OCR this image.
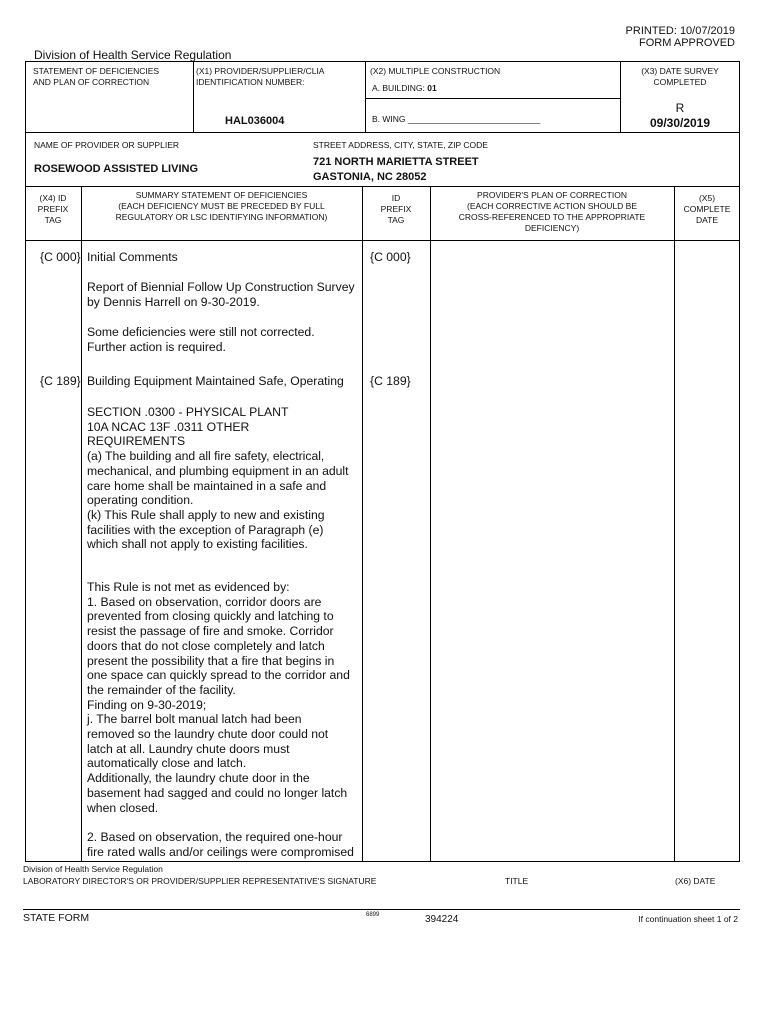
PRINTED: 10/07/2019
FORM APPROVED
Division of Health Service Regulation
STATEMENT OF DEFICIENCIES
AND PLAN OF CORRECTION
(X1) PROVIDER/SUPPLIER/CLIA
IDENTIFICATION NUMBER:
HAL036004
(X2) MULTIPLE CONSTRUCTION
A. BUILDING: 01
B. WING ____________________________
(X3) DATE SURVEY
COMPLETED
R
09/30/2019
NAME OF PROVIDER OR SUPPLIER
ROSEWOOD ASSISTED LIVING
STREET ADDRESS, CITY, STATE, ZIP CODE
721 NORTH MARIETTA STREET
GASTONIA, NC 28052
(X4) ID
PREFIX
TAG
SUMMARY STATEMENT OF DEFICIENCIES
(EACH DEFICIENCY MUST BE PRECEDED BY FULL
REGULATORY OR LSC IDENTIFYING INFORMATION)
ID
PREFIX
TAG
PROVIDER'S PLAN OF CORRECTION
(EACH CORRECTIVE ACTION SHOULD BE
CROSS-REFERENCED TO THE APPROPRIATE
DEFICIENCY)
(X5)
COMPLETE
DATE
{C 000} Initial Comments	{C 000}
Report of Biennial Follow Up Construction Survey
by Dennis Harrell on 9-30-2019.
Some deficiencies were still not corrected.
Further action is required.
{C 189} Building Equipment Maintained Safe, Operating {C 189}
SECTION .0300 - PHYSICAL PLANT
10A NCAC 13F .0311 OTHER
REQUIREMENTS
(a) The building and all fire safety, electrical,
mechanical, and plumbing equipment in an adult
care home shall be maintained in a safe and
operating condition.
(k) This Rule shall apply to new and existing
facilities with the exception of Paragraph (e)
which shall not apply to existing facilities.
This Rule is not met as evidenced by:
1. Based on observation, corridor doors are
prevented from closing quickly and latching to
resist the passage of fire and smoke. Corridor
doors that do not close completely and latch
present the possibility that a fire that begins in
one space can quickly spread to the corridor and
the remainder of the facility.
Finding on 9-30-2019;
j. The barrel bolt manual latch had been
removed so the laundry chute door could not
latch at all. Laundry chute doors must
automatically close and latch.
Additionally, the laundry chute door in the
basement had sagged and could no longer latch
when closed.
2. Based on observation, the required one-hour
fire rated walls and/or ceilings were compromised
Division of Health Service Regulation
LABORATORY DIRECTOR'S OR PROVIDER/SUPPLIER REPRESENTATIVE'S SIGNATURE	TITLE	(X6) DATE
STATE FORM	6899	394224	If continuation sheet 1 of 2
